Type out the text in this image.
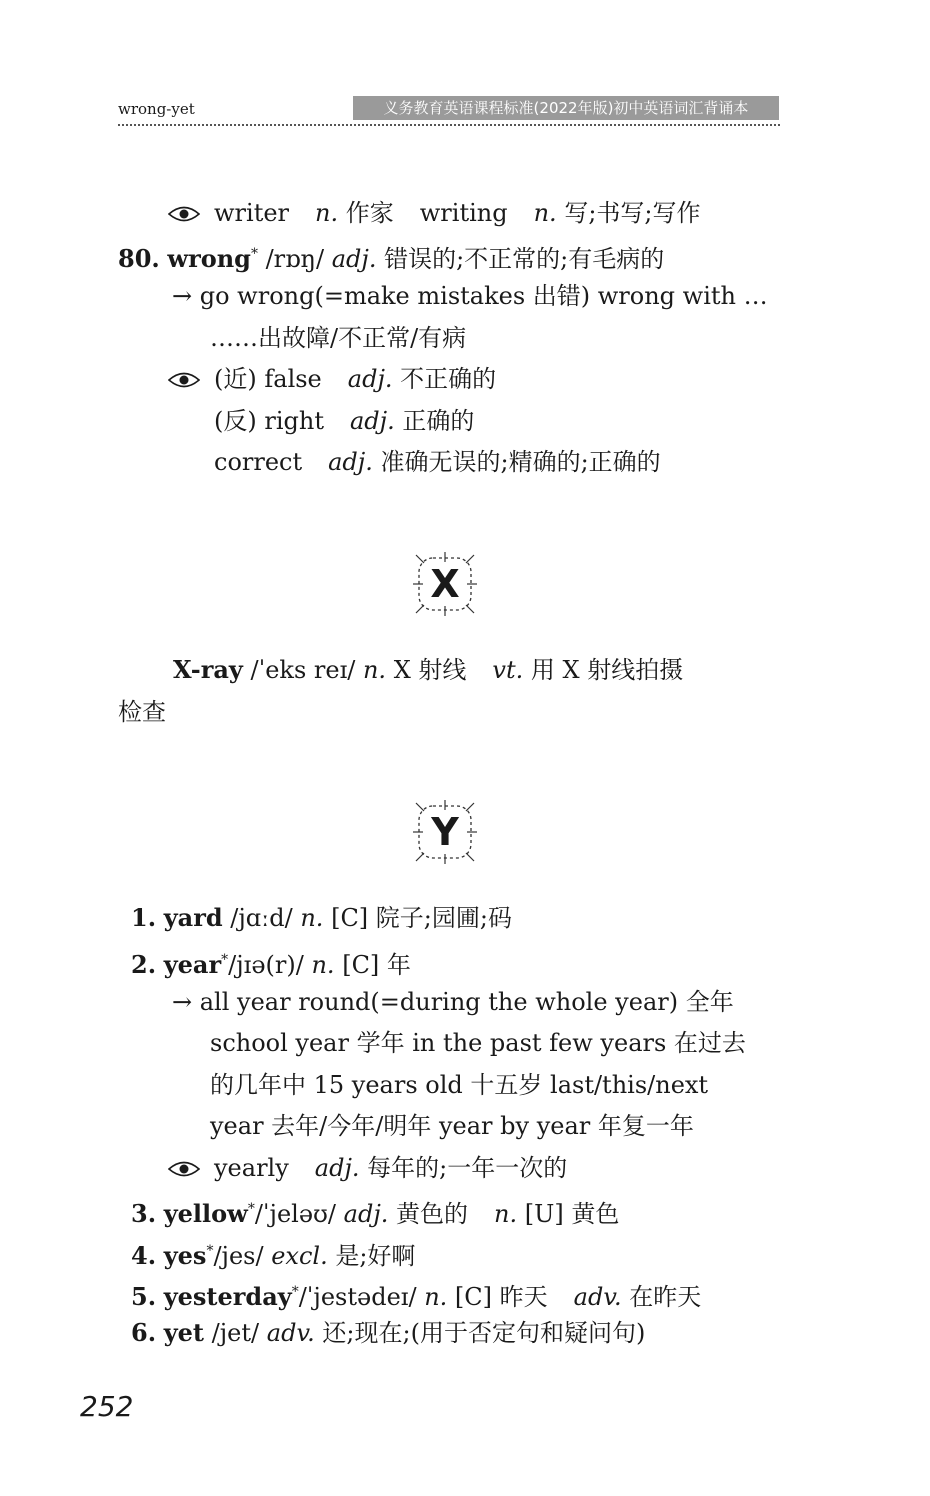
wrong-yet	义务教育英语课程标准(2022年版)初中英语词汇背诵本
writer n. 作家 writing n. 写;书写;写作
80. wrong* /rɒŋ/ adj. 错误的;不正常的;有毛病的
→ go wrong(=make mistakes 出错) wrong with …
……出故障/不正常/有病
(近) false adj. 不正确的
(反) right adj. 正确的
correct adj. 准确无误的;精确的;正确的
X
X-ray /ˈeks reɪ/ n. X 射线 vt. 用 X 射线拍摄
检查
Y
1. yard /jɑːd/ n. [C] 院子;园圃;码
2. year*/jɪə(r)/ n. [C] 年
→ all year round(=during the whole year) 全年
school year 学年 in the past few years 在过去
的几年中 15 years old 十五岁 last/this/next
year 去年/今年/明年 year by year 年复一年
yearly adj. 每年的;一年一次的
3. yellow*/ˈjeləʊ/ adj. 黄色的 n. [U] 黄色
4. yes*/jes/ excl. 是;好啊
5. yesterday*/ˈjestədeɪ/ n. [C] 昨天 adv. 在昨天
6. yet /jet/ adv. 还;现在;(用于否定句和疑问句)
252
